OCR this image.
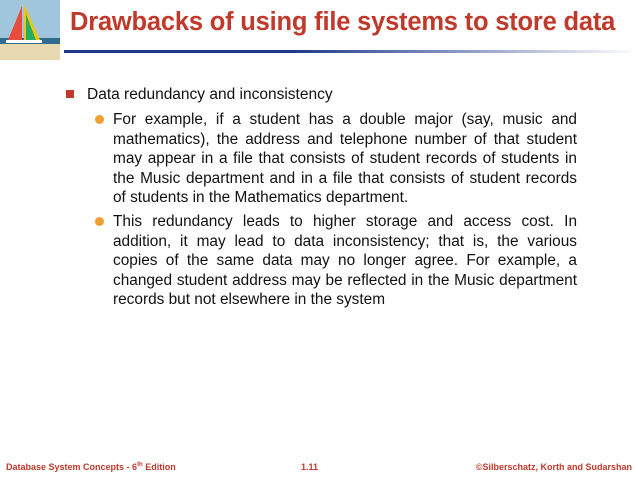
Drawbacks of using file systems to store data
Data redundancy and inconsistency
For example, if a student has a double major (say, music and mathematics), the address and telephone number of that student may appear in a file that consists of student records of students in the Music department and in a file that consists of student records of students in the Mathematics department.
This redundancy leads to higher storage and access cost. In addition, it may lead to data inconsistency; that is, the various copies of the same data may no longer agree. For example, a changed student address may be reflected in the Music department records but not elsewhere in the system
Database System Concepts - 6th Edition	1.11	©Silberschatz, Korth and Sudarshan
